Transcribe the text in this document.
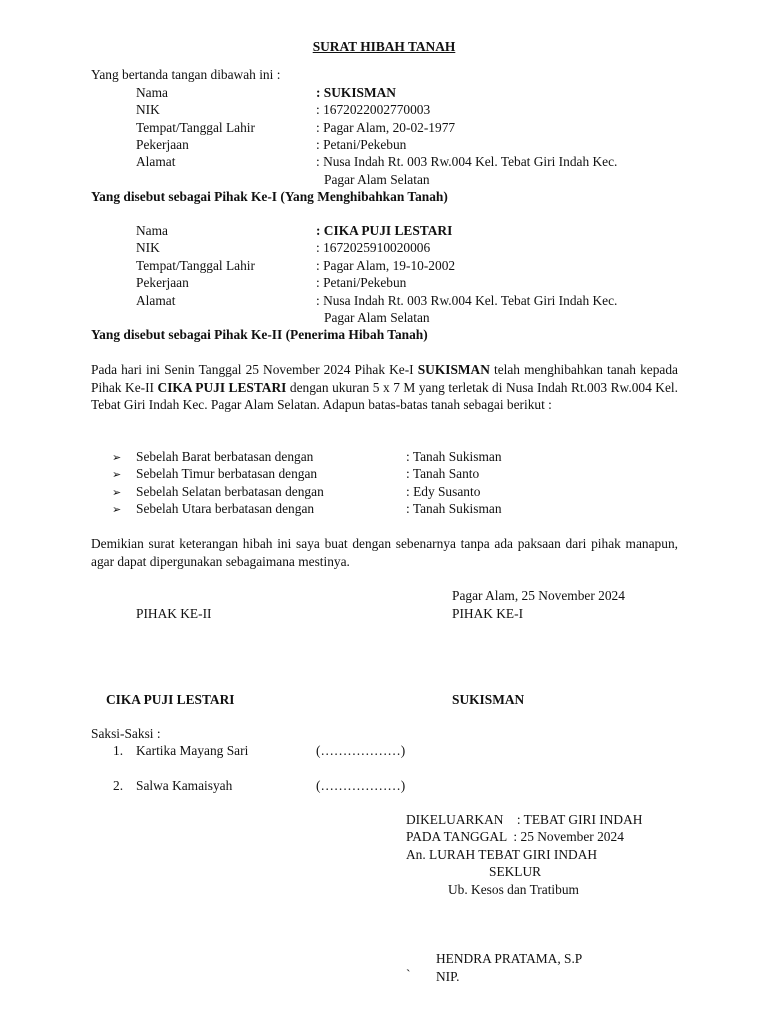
SURAT HIBAH TANAH
Yang bertanda tangan dibawah ini :
Nama	: SUKISMAN
NIK	: 1672022002770003
Tempat/Tanggal Lahir	: Pagar Alam, 20-02-1977
Pekerjaan	: Petani/Pekebun
Alamat	: Nusa Indah Rt. 003 Rw.004 Kel. Tebat Giri Indah Kec.
Pagar Alam Selatan
Yang disebut sebagai Pihak Ke-I (Yang Menghibahkan Tanah)
Nama	: CIKA PUJI LESTARI
NIK	: 1672025910020006
Tempat/Tanggal Lahir	: Pagar Alam, 19-10-2002
Pekerjaan	: Petani/Pekebun
Alamat	: Nusa Indah Rt. 003 Rw.004 Kel. Tebat Giri Indah Kec.
Pagar Alam Selatan
Yang disebut sebagai Pihak Ke-II (Penerima Hibah Tanah)
Pada hari ini Senin Tanggal 25 November 2024 Pihak Ke-I SUKISMAN telah menghibahkan tanah kepada Pihak Ke-II CIKA PUJI LESTARI dengan ukuran 5 x 7 M yang terletak di Nusa Indah Rt.003 Rw.004 Kel. Tebat Giri Indah Kec. Pagar Alam Selatan. Adapun batas-batas tanah sebagai berikut :
➢ Sebelah Barat berbatasan dengan	: Tanah Sukisman
➢ Sebelah Timur berbatasan dengan	: Tanah Santo
➢ Sebelah Selatan berbatasan dengan	: Edy Susanto
➢ Sebelah Utara berbatasan dengan	: Tanah Sukisman
Demikian surat keterangan hibah ini saya buat dengan sebenarnya tanpa ada paksaan dari pihak manapun, agar dapat dipergunakan sebagaimana mestinya.
Pagar Alam, 25 November 2024
PIHAK KE-II	PIHAK KE-I
CIKA PUJI LESTARI	SUKISMAN
Saksi-Saksi :
1. Kartika Mayang Sari	(………………)
2. Salwa Kamaisyah	(………………)
DIKELUARKAN    : TEBAT GIRI INDAH
PADA TANGGAL  : 25 November 2024
An. LURAH TEBAT GIRI INDAH
SEKLUR
Ub. Kesos dan Tratibum
HENDRA PRATAMA, S.P
` NIP.
